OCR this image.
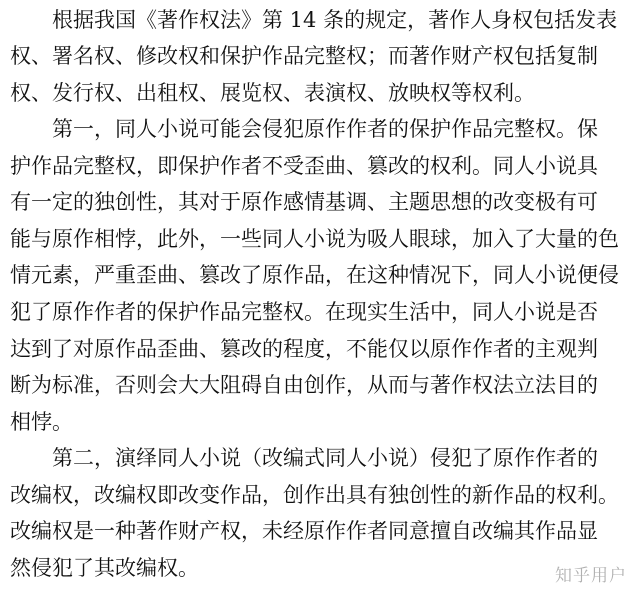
根据我国《著作权法》第 14 条的规定，著作人身权包括发表
权、署名权、修改权和保护作品完整权；而著作财产权包括复制
权、发行权、出租权、展览权、表演权、放映权等权利。
第一，同人小说可能会侵犯原作作者的保护作品完整权。保
护作品完整权，即保护作者不受歪曲、篡改的权利。同人小说具
有一定的独创性，其对于原作感情基调、主题思想的改变极有可
能与原作相悖，此外，一些同人小说为吸人眼球，加入了大量的色
情元素，严重歪曲、篡改了原作品，在这种情况下，同人小说便侵
犯了原作作者的保护作品完整权。在现实生活中，同人小说是否
达到了对原作品歪曲、篡改的程度，不能仅以原作作者的主观判
断为标准，否则会大大阻碍自由创作，从而与著作权法立法目的
相悖。
第二，演绎同人小说（改编式同人小说）侵犯了原作作者的
改编权，改编权即改变作品，创作出具有独创性的新作品的权利。
改编权是一种著作财产权，未经原作作者同意擅自改编其作品显
然侵犯了其改编权。	知乎用户
